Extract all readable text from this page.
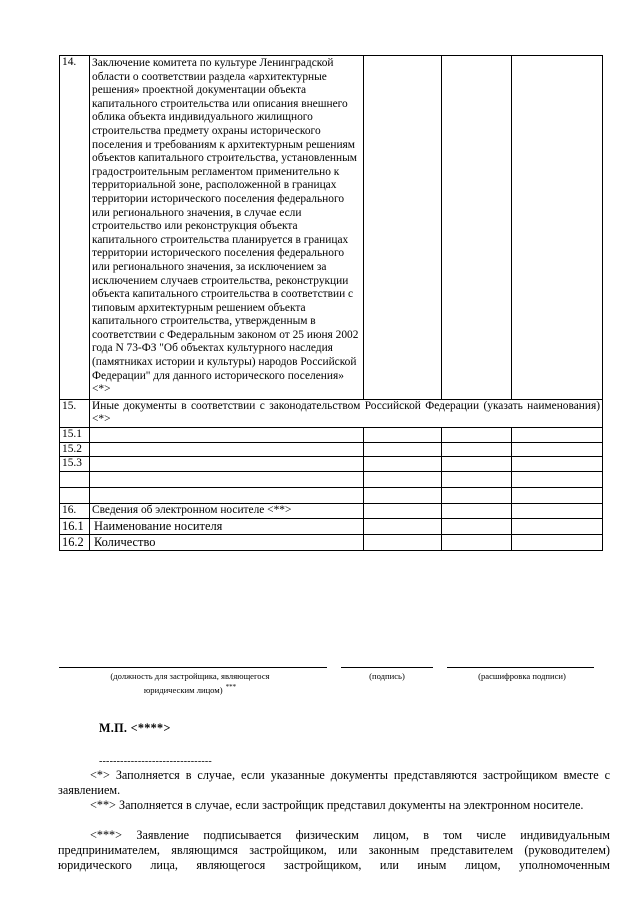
14.	Заключение комитета по культуре Ленинградской области о соответствии раздела «архитектурные решения» проектной документации объекта капитального строительства или описания внешнего облика объекта индивидуального жилищного строительства предмету охраны исторического поселения и требованиям к архитектурным решениям объектов капитального строительства, установленным градостроительным регламентом применительно к территориальной зоне, расположенной в границах территории исторического поселения федерального или регионального значения, в случае если строительство или реконструкция объекта капитального строительства планируется в границах территории исторического поселения федерального или регионального значения, за исключением за исключением случаев строительства, реконструкции объекта капитального строительства в соответствии с типовым архитектурным решением объекта капитального строительства, утвержденным в соответствии с Федеральным законом от 25 июня 2002 года N 73-ФЗ "Об объектах культурного наследия (памятниках истории и культуры) народов Российской Федерации" для данного исторического поселения» <*>			
15.	Иные документы в соответствии с законодательством Российской Федерации (указать наименования) <*>			
15.1				
15.2				
15.3				

16.	Сведения об электронном носителе <**>			
16.1	Наименование носителя			
16.2	Количество			
(должность для застройщика, являющегося
юридическим лицом) ***
(подпись)	(расшифровка подписи)
М.П. <****>
--------------------------------
<*> Заполняется в случае, если указанные документы представляются застройщиком вместе с заявлением.
<**> Заполняется в случае, если застройщик представил документы на электронном носителе.
<***> Заявление подписывается физическим лицом, в том числе индивидуальным предпринимателем, являющимся застройщиком, или законным представителем (руководителем) юридического лица, являющегося застройщиком, или иным лицом, уполномоченным
